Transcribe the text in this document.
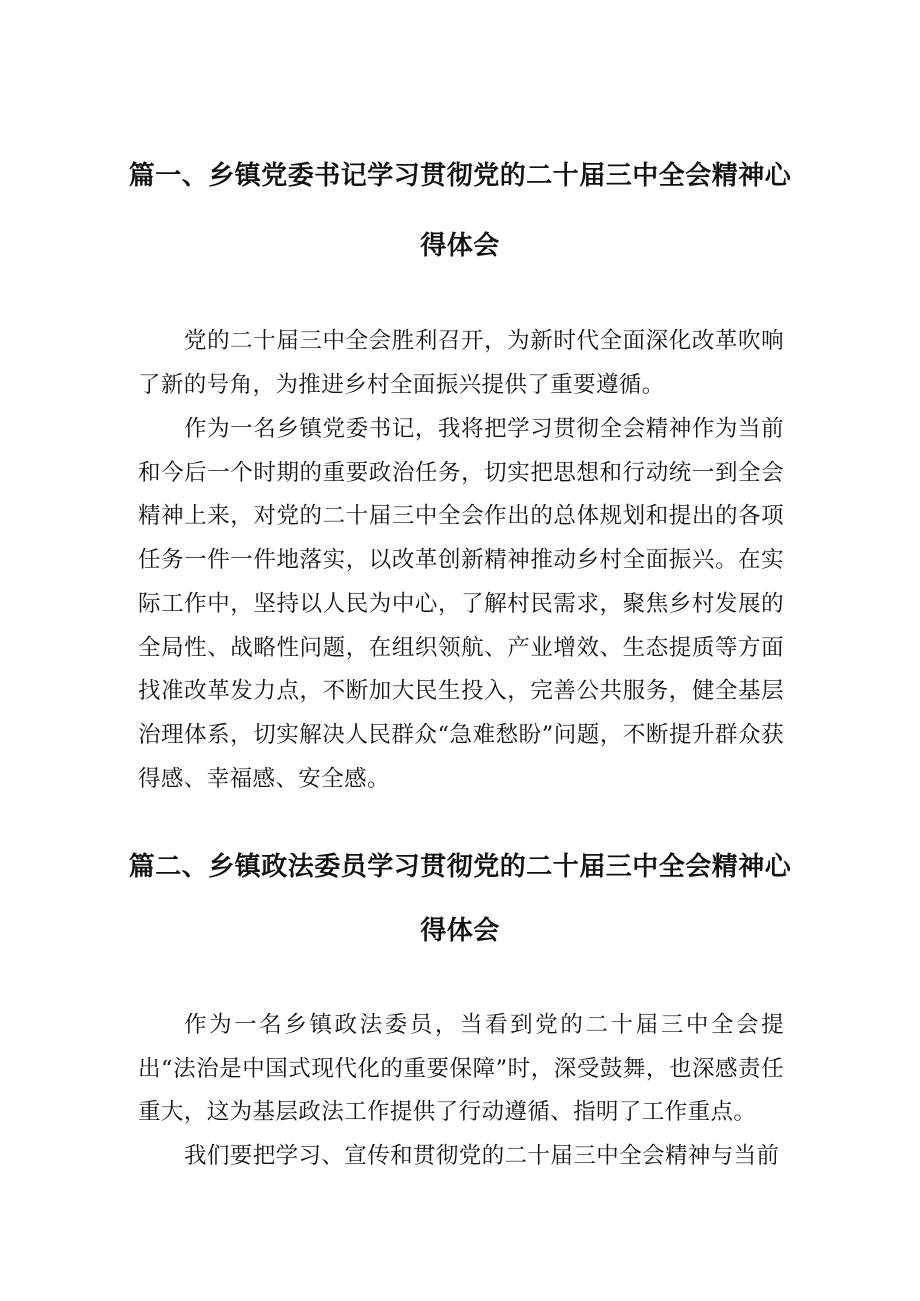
篇一、乡镇党委书记学习贯彻党的二十届三中全会精神心
得体会

党的二十届三中全会胜利召开，为新时代全面深化改革吹响了新的号角，为推进乡村全面振兴提供了重要遵循。

作为一名乡镇党委书记，我将把学习贯彻全会精神作为当前和今后一个时期的重要政治任务，切实把思想和行动统一到全会精神上来，对党的二十届三中全会作出的总体规划和提出的各项任务一件一件地落实，以改革创新精神推动乡村全面振兴。在实际工作中，坚持以人民为中心，了解村民需求，聚焦乡村发展的全局性、战略性问题，在组织领航、产业增效、生态提质等方面找准改革发力点，不断加大民生投入，完善公共服务，健全基层治理体系，切实解决人民群众“急难愁盼”问题，不断提升群众获得感、幸福感、安全感。

篇二、乡镇政法委员学习贯彻党的二十届三中全会精神心
得体会

作为一名乡镇政法委员，当看到党的二十届三中全会提出“法治是中国式现代化的重要保障”时，深受鼓舞，也深感责任重大，这为基层政法工作提供了行动遵循、指明了工作重点。

我们要把学习、宣传和贯彻党的二十届三中全会精神与当前
